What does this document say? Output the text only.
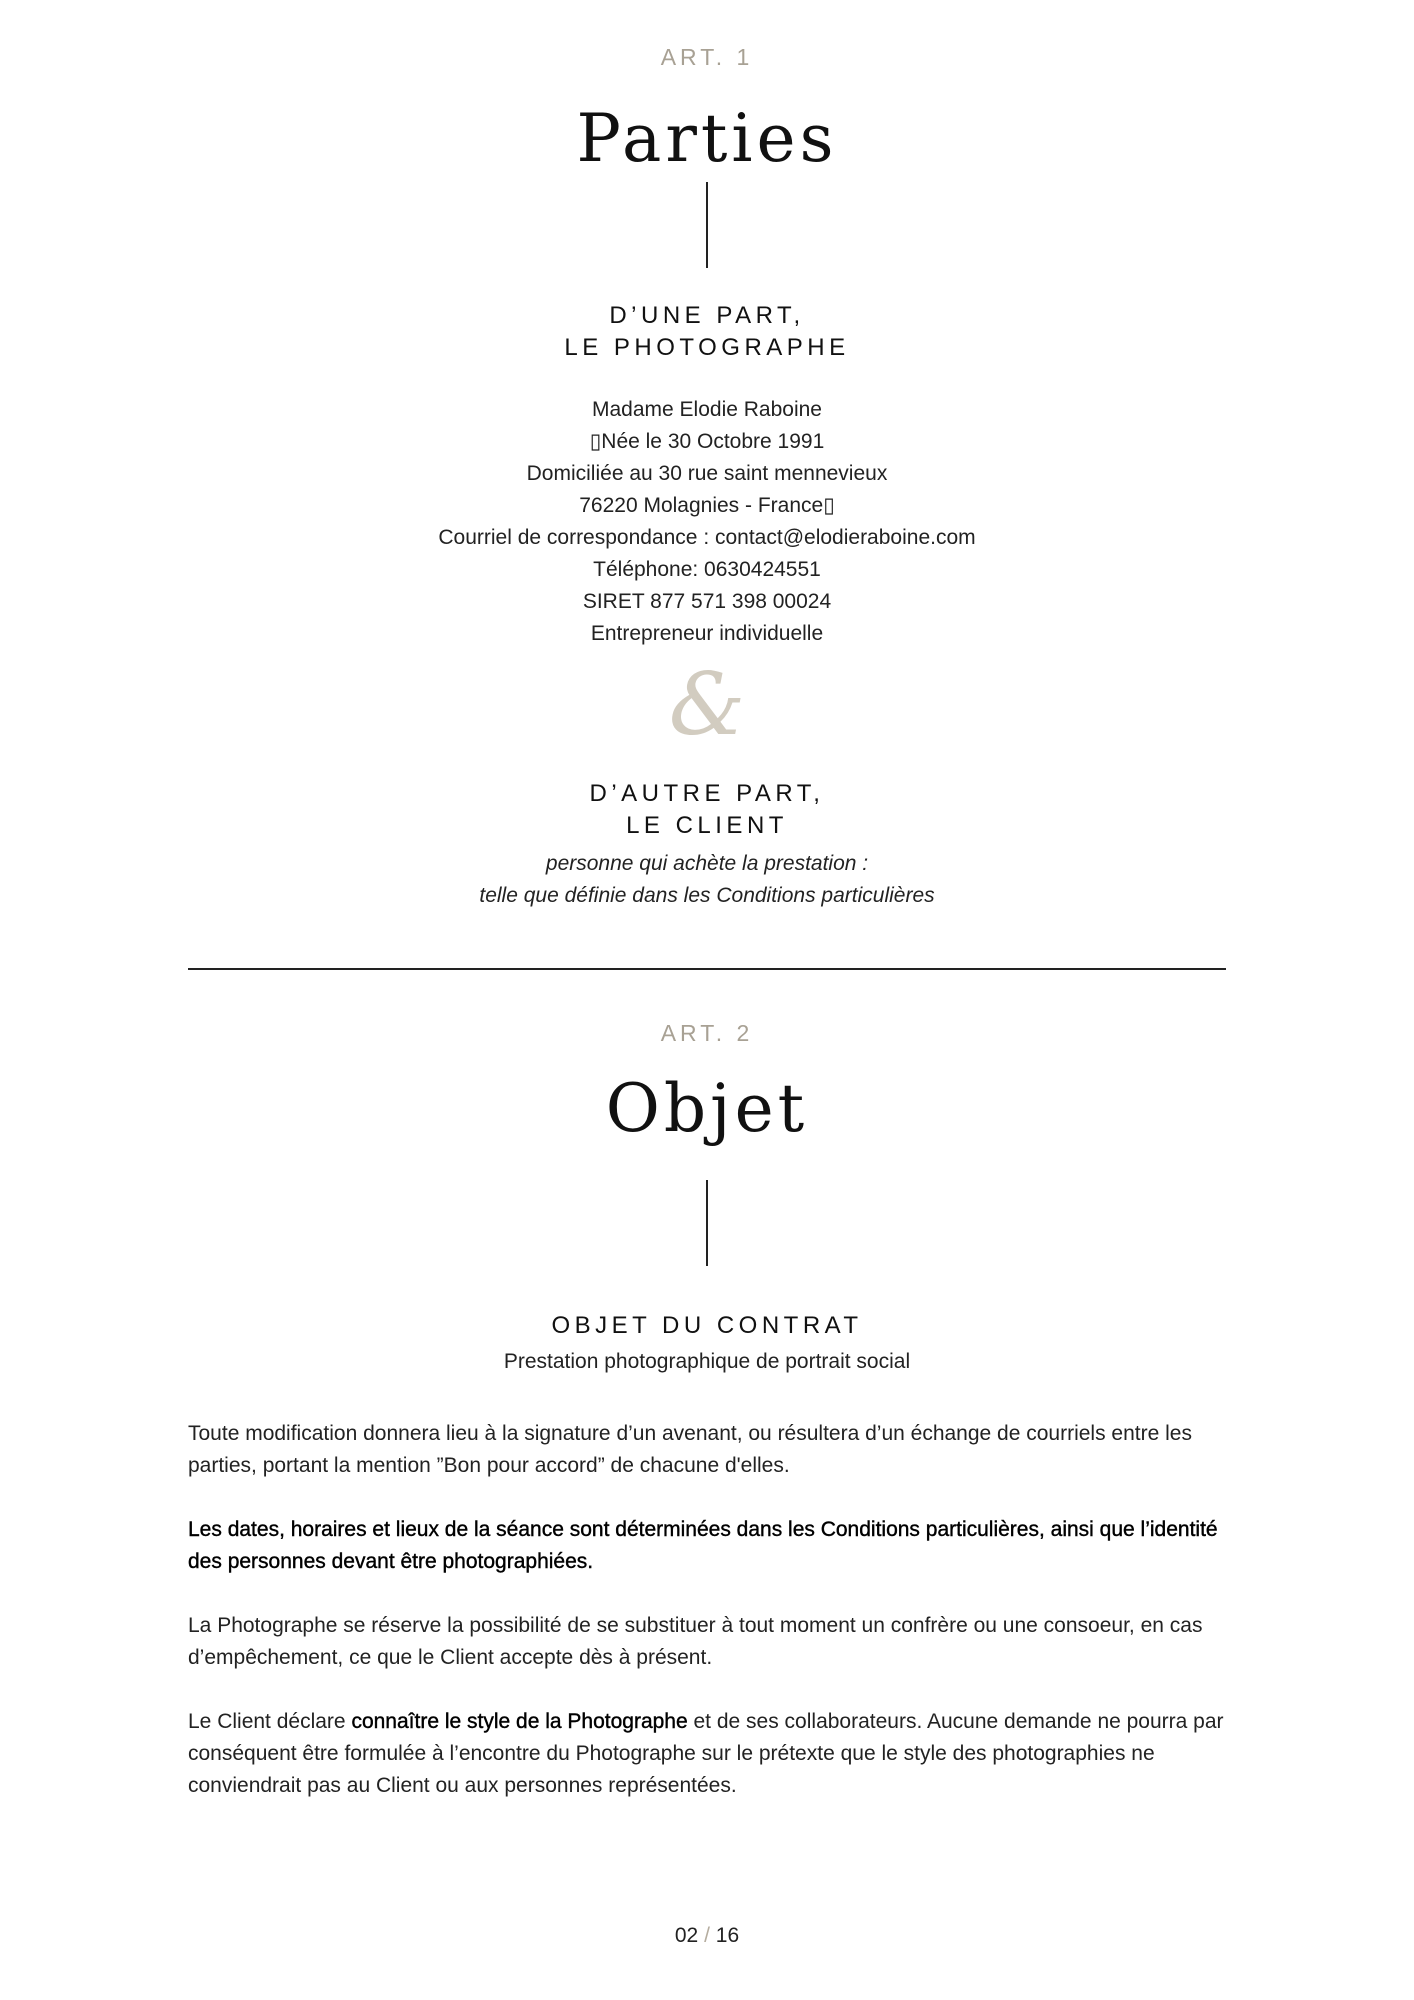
ART. 1
Parties
D’UNE PART,
LE PHOTOGRAPHE
Madame Elodie Raboine
▯Née le 30 Octobre 1991
Domiciliée au 30 rue saint mennevieux
76220 Molagnies - France▯
Courriel de correspondance : contact@elodieraboine.com
Téléphone: 0630424551
SIRET 877 571 398 00024
Entrepreneur individuelle
&
D’AUTRE PART,
LE CLIENT
personne qui achète la prestation :
telle que définie dans les Conditions particulières
ART. 2
Objet
OBJET DU CONTRAT
Prestation photographique de portrait social

Toute modification donnera lieu à la signature d’un avenant, ou résultera d’un échange de courriels entre les parties, portant la mention ”Bon pour accord” de chacune d'elles.

Les dates, horaires et lieux de la séance sont déterminées dans les Conditions particulières, ainsi que l’identité des personnes devant être photographiées.

La Photographe se réserve la possibilité de se substituer à tout moment un confrère ou une consoeur, en cas d’empêchement, ce que le Client accepte dès à présent.

Le Client déclare connaître le style de la Photographe et de ses collaborateurs. Aucune demande ne pourra par conséquent être formulée à l’encontre du Photographe sur le prétexte que le style des photographies ne conviendrait pas au Client ou aux personnes représentées.

02 / 16
